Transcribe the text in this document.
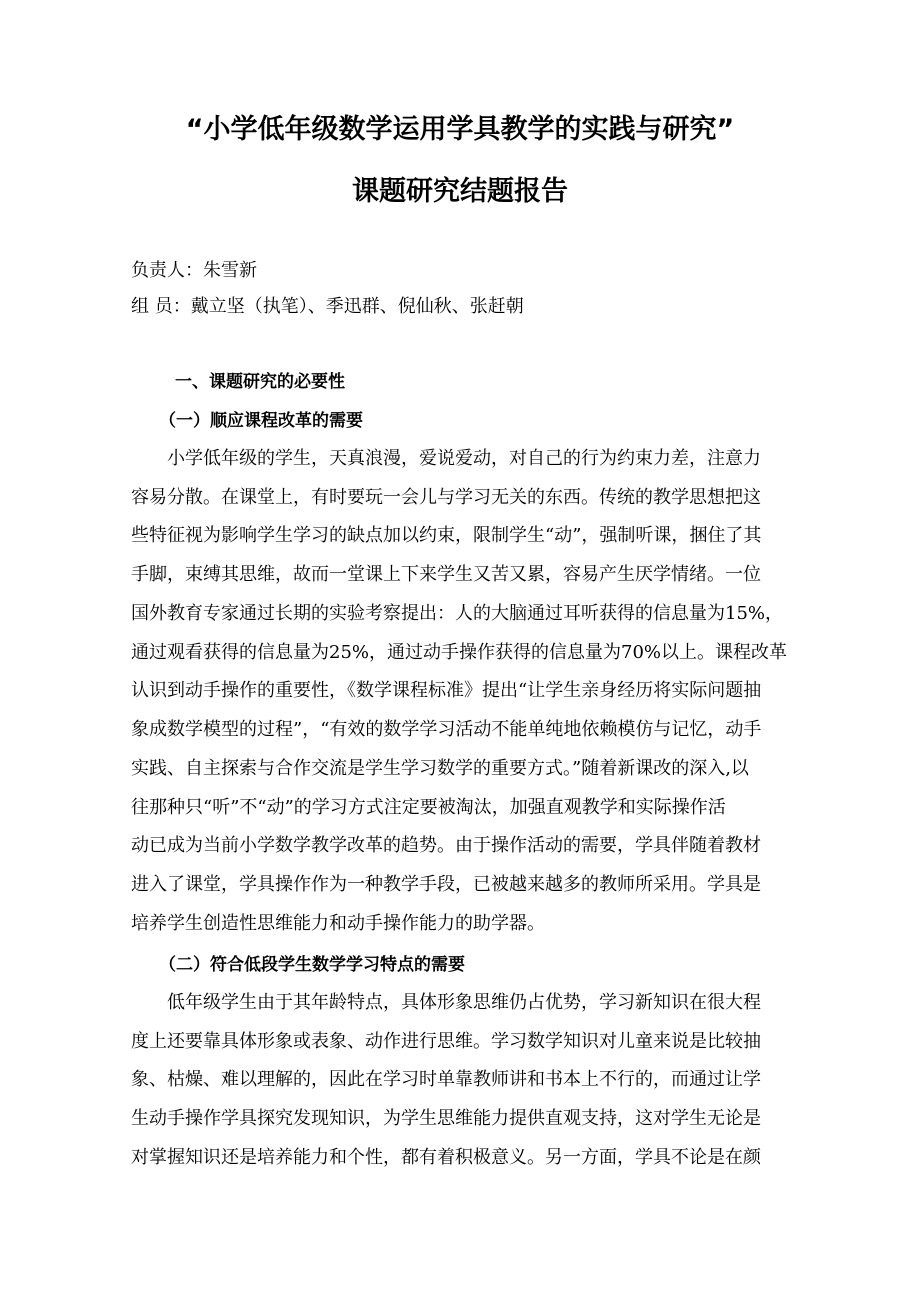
“小学低年级数学运用学具教学的实践与研究”
课题研究结题报告
负责人：朱雪新
组 员：戴立坚（执笔）、季迅群、倪仙秋、张赶朝
一、课题研究的必要性
（一）顺应课程改革的需要
　　小学低年级的学生，天真浪漫，爱说爱动，对自己的行为约束力差，注意力
容易分散。在课堂上，有时要玩一会儿与学习无关的东西。传统的教学思想把这
些特征视为影响学生学习的缺点加以约束，限制学生“动”，强制听课，捆住了其
手脚，束缚其思维，故而一堂课上下来学生又苦又累，容易产生厌学情绪。一位
国外教育专家通过长期的实验考察提出：人的大脑通过耳听获得的信息量为15%，
通过观看获得的信息量为25%，通过动手操作获得的信息量为70%以上。课程改革
认识到动手操作的重要性，《数学课程标准》提出“让学生亲身经历将实际问题抽
象成数学模型的过程”，“有效的数学学习活动不能单纯地依赖模仿与记忆，动手
实践、自主探索与合作交流是学生学习数学的重要方式。”随着新课改的深入,以
往那种只“听”不“动”的学习方式注定要被淘汰，加强直观教学和实际操作活
动已成为当前小学数学教学改革的趋势。由于操作活动的需要，学具伴随着教材
进入了课堂，学具操作作为一种教学手段，已被越来越多的教师所采用。学具是
培养学生创造性思维能力和动手操作能力的助学器。
（二）符合低段学生数学学习特点的需要
　　低年级学生由于其年龄特点，具体形象思维仍占优势，学习新知识在很大程
度上还要靠具体形象或表象、动作进行思维。学习数学知识对儿童来说是比较抽
象、枯燥、难以理解的，因此在学习时单靠教师讲和书本上不行的，而通过让学
生动手操作学具探究发现知识，为学生思维能力提供直观支持，这对学生无论是
对掌握知识还是培养能力和个性，都有着积极意义。另一方面，学具不论是在颜
